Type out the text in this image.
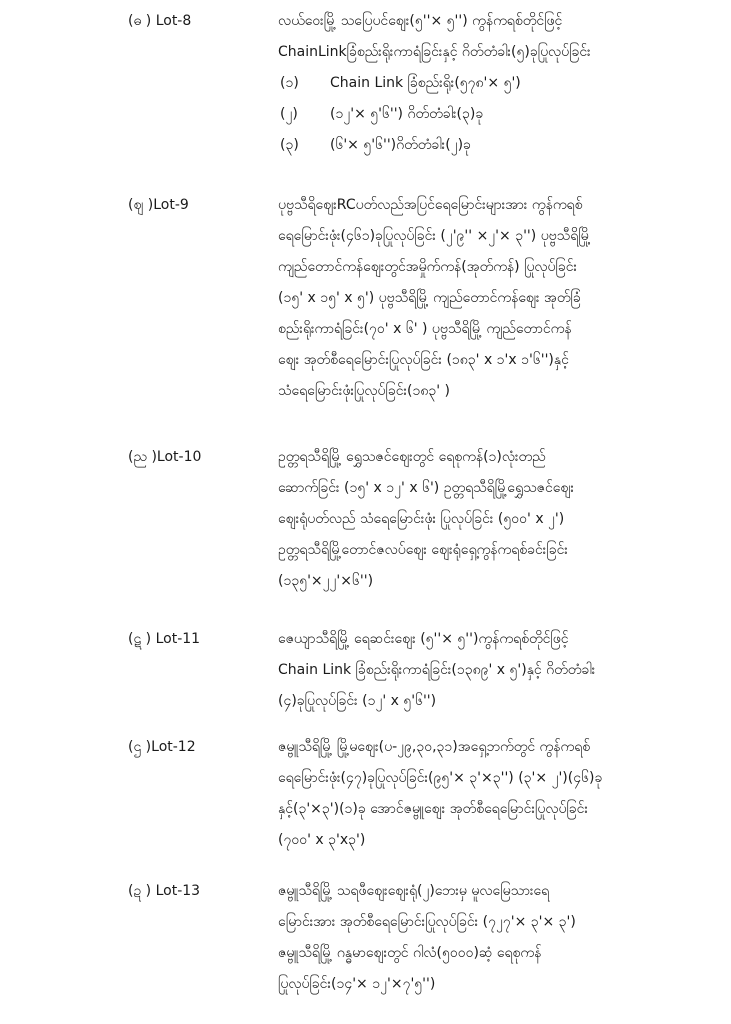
(ဓ ) Lot-8	လယ်ဝေးမြို့ သပြေပင်စျေး(၅''× ၅'') ကွန်ကရစ်တိုင်ဖြင့်
ChainLinkခြံစည်းရိုးကာရံခြင်းနှင့် ဂိတ်တံခါး(၅)ခုပြုလုပ်ခြင်း
(၁) Chain Link ခြံစည်းရိုး(၅၇၈'× ၅')
(၂) (၁၂'× ၅'၆'') ဂိတ်တံခါး(၃)ခု
(၃) (၆'× ၅'၆'')ဂိတ်တံခါး(၂)ခု
(ဈ )Lot-9	ပုဗ္ဗသီရိစျေးRCပတ်လည်အပြင်ရေမြောင်းများအား ကွန်ကရစ်
ရေမြောင်းဖုံး(၄၆၁)ခုပြုလုပ်ခြင်း (၂'၉'' ×၂'× ၃'') ပုဗ္ဗသီရိမြို့
ကျည်တောင်ကန်စျေးတွင်အမှိုက်ကန်(အုတ်ကန်) ပြုလုပ်ခြင်း
(၁၅' x ၁၅' x ၅') ပုဗ္ဗသီရိမြို့ ကျည်တောင်ကန်စျေး အုတ်ခြံ
စည်းရိုးကာရံခြင်း(၇၀' x ၆' ) ပုဗ္ဗသီရိမြို့ ကျည်တောင်ကန်
စျေး အုတ်စီရေမြောင်းပြုလုပ်ခြင်း (၁၈၃' x ၁'x ၁'၆'')နှင့်
သံရေမြောင်းဖုံးပြုလုပ်ခြင်း(၁၈၃' )
(ည )Lot-10	ဥတ္တရသီရိမြို့ ရွှေသဇင်စျေးတွင် ရေစုကန်(၁)လုံးတည်
ဆောက်ခြင်း (၁၅' x ၁၂' x ၆') ဥတ္တရသီရိမြို့ရွှေသဇင်စျေး
စျေးရုံပတ်လည် သံရေမြောင်းဖုံး ပြုလုပ်ခြင်း (၅၀၀' x ၂')
ဥတ္တရသီရိမြို့တောင်ဇလပ်စျေး စျေးရုံရှေ့ကွန်ကရစ်ခင်းခြင်း
(၁၃၅'×၂၂'×၆'')
(ဋ ) Lot-11	ဇေယျာသီရိမြို့ ရေဆင်းစျေး (၅''× ၅'')ကွန်ကရစ်တိုင်ဖြင့်
Chain Link ခြံစည်းရိုးကာရံခြင်း(၁၃၈၉' x ၅')နှင့် ဂိတ်တံခါး
(၄)ခုပြုလုပ်ခြင်း (၁၂' x ၅'၆'')
(ဌ )Lot-12	ဇမ္ဗူသီရိမြို့ မြို့မစျေး(ပ-၂၉,၃၀,၃၁)အရှေ့ဘက်တွင် ကွန်ကရစ်
ရေမြောင်းဖုံး(၄၇)ခုပြုလုပ်ခြင်း(၉၅'× ၃'×၃'') (၃'× ၂')(၄၆)ခု
နှင့်(၃'×၃')(၁)ခု အောင်ဇမ္ဗူစျေး အုတ်စီရေမြောင်းပြုလုပ်ခြင်း
(၇၀၀' x ၃'x၃')
(ဍ ) Lot-13	ဇမ္ဗူသီရိမြို့ သရဖီစျေးစျေးရုံ(၂)ဘေးမှ မူလမြေသားရေ
မြောင်းအား အုတ်စီရေမြောင်းပြုလုပ်ခြင်း (၇၂၇'× ၃'× ၃')
ဇမ္ဗူသီရိမြို့ ဂန္ဓမာစျေးတွင် ဂါလံ(၅၀၀၀)ဆံ့ ရေစုကန်
ပြုလုပ်ခြင်း(၁၄'× ၁၂'×၇'၅'')
